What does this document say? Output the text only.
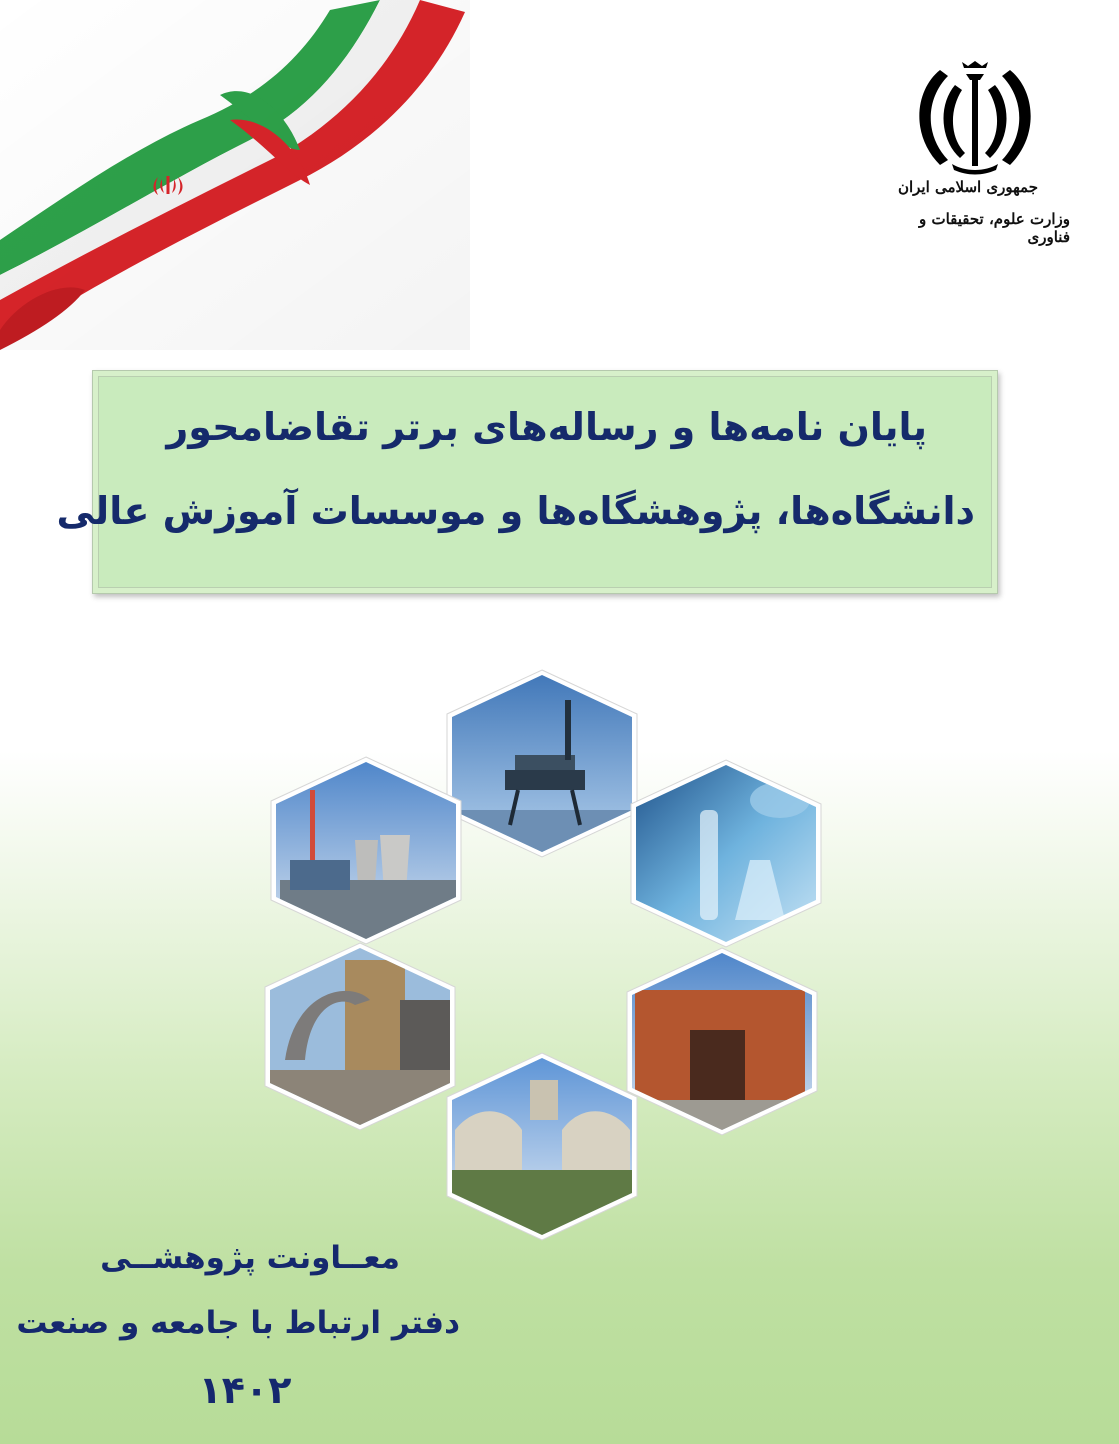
جمهوری اسلامی ایران
وزارت علوم، تحقیقات و فناوری
پایان نامه‌ها و رساله‌های برتر تقاضامحور
دانشگاه‌ها، پژوهشگاه‌ها و موسسات آموزش عالی
معــاونت پژوهشــی
دفتر ارتباط با جامعه و صنعت
۱۴۰۲
